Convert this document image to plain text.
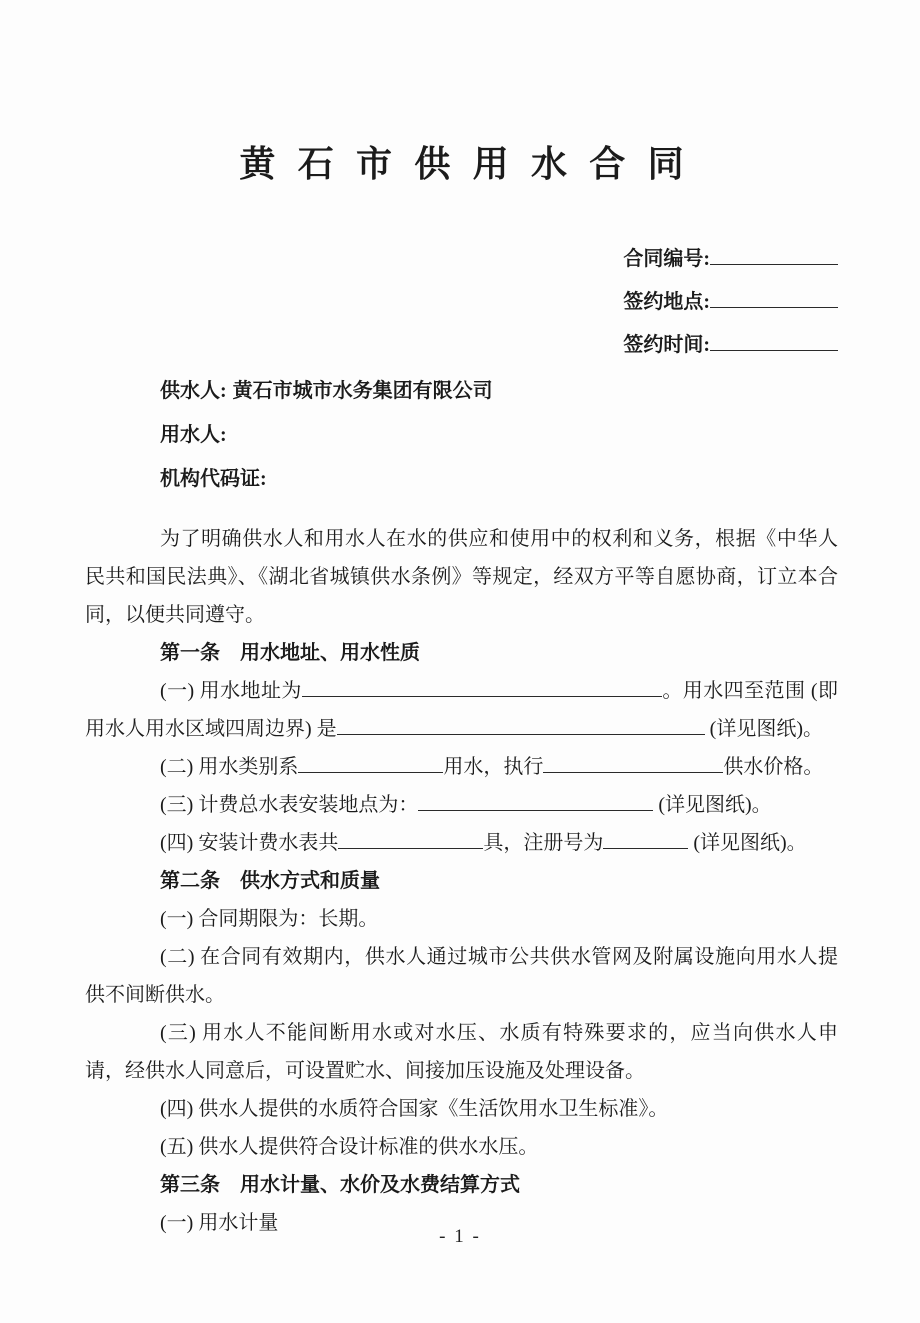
黄石市供用水合同
合同编号:
签约地点:
签约时间:
供水人: 黄石市城市水务集团有限公司
用水人:
机构代码证:

为了明确供水人和用水人在水的供应和使用中的权利和义务，根据《中华人民共和国民法典》、《湖北省城镇供水条例》等规定，经双方平等自愿协商，订立本合同，以便共同遵守。

第一条　用水地址、用水性质

(一) 用水地址为	。用水四至范围 (即用水人用水区域四周边界) 是	(详见图纸)。

(二) 用水类别系	用水，执行	供水价格。

(三) 计费总水表安装地点为：	(详见图纸)。

(四) 安装计费水表共	具，注册号为	(详见图纸)。

第二条　供水方式和质量

(一) 合同期限为：长期。

(二) 在合同有效期内，供水人通过城市公共供水管网及附属设施向用水人提供不间断供水。

(三) 用水人不能间断用水或对水压、水质有特殊要求的，应当向供水人申请，经供水人同意后，可设置贮水、间接加压设施及处理设备。

(四) 供水人提供的水质符合国家《生活饮用水卫生标准》。

(五) 供水人提供符合设计标准的供水水压。

第三条　用水计量、水价及水费结算方式

(一) 用水计量

- 1 -
